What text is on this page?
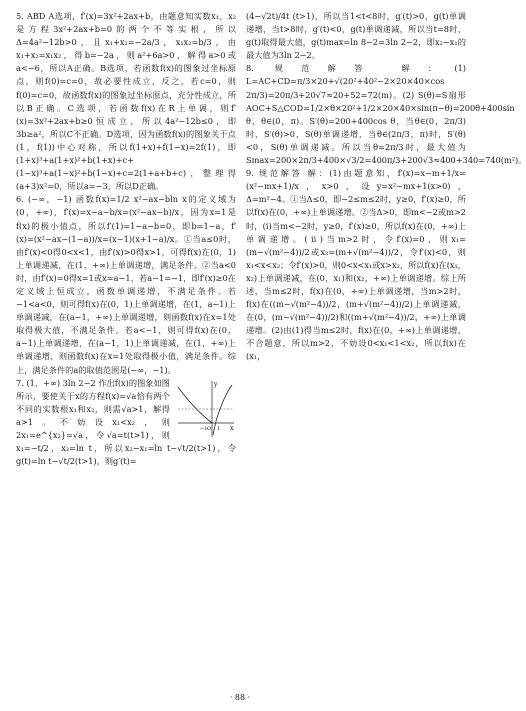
5. ABD A选项，f′(x)=3x²+2ax+b，由题意知实数x₁，x₂是方程3x²+2ax+b=0的两个不等实根，所以Δ=4a²−12b>0，且x₁+x₂=−2a/3，x₁x₂=b/3，由x₁+x₂=x₁x₂，得b=−2a，则a²+6a>0，解得a>0或a<−6，所以A正确。B选项，若函数f(x)的图象过坐标原点，则f(0)=c=0，故必要性成立，反之，若c=0，则f(0)=c=0，故函数f(x)的图象过坐标原点，充分性成立，所以B正确。C选项，若函数f(x)在R上单调，则f′(x)=3x²+2ax+b≥0恒成立，所以4a²−12b≤0，即3b≥a²，所以C不正确。D选项，因为函数f(x)的图象关于点(1，f(1))中心对称，所以f(1+x)+f(1−x)=2f(1)，即(1+x)³+a(1+x)²+b(1+x)+c+(1−x)³+a(1−x)²+b(1−x)+c=2(1+a+b+c)，整理得(a+3)x²=0，所以a=−3，所以D正确。

6. (−∞，−1) 函数f(x)=1/2 x²−ax−bln x的定义域为(0，+∞)，f′(x)=x−a−b/x=(x²−ax−b)/x，因为x=1是f(x)的极小值点，所以f′(1)=1−a−b=0，即b=1−a，f′(x)=(x²−ax−(1−a))/x=(x−1)(x+1−a)/x。①当a≤0时，由f′(x)<0得0<x<1，由f′(x)>0得x>1，可得f(x)在(0，1)上单调递减，在(1，+∞)上单调递增，满足条件。②当a<0时，由f′(x)=0得x=1或x=a−1，若a−1=−1，即f′(x)≥0在定义域上恒成立，函数单调递增，不满足条件。若−1<a<0，则可得f(x)在(0，1)上单调递增，在(1，a−1)上单调递减，在(a−1，+∞)上单调递增，则函数f(x)在x=1处取得极大值，不满足条件。若a<−1，则可得f(x)在(0，a−1)上单调递增，在(a−1，1)上单调递减，在(1，+∞)上单调递增，则函数f(x)在x=1处取得极小值，满足条件。综上，满足条件的a的取值范围是(−∞，−1)。

y
x
O 1
−1

7. (1，+∞) 3ln 2−2 作出f(x)的图象如图所示，要使关于x的方程f(x)=√a恰有两个不同的实数根x₁和x₂，则需√a>1，解得a>1。不妨设x₁<x₂，则2x₁=e^{x₂}=√a，令√a=t(t>1)，则x₁=−t/2，x₂=ln t，所以x₂−x₁=ln t−√t/2(t>1)，令g(t)=ln t−√t/2(t>1)，则g′(t)=

(4−√2t)/4t (t>1)，所以当1<t<8时，g′(t)>0，g(t)单调递增，当t>8时，g′(t)<0，g(t)单调递减，所以当t=8时，g(t)取得最大值，g(t)max=ln 8−2=3ln 2−2，即x₂−x₁的最大值为3ln 2−2。

8. 规范解答 解：(1) L=AC+CD=π/3×20+√(20²+40²−2×20×40×cos 2π/3)=20π/3+20√7≈20+52=72(m)。(2) S(θ)=S扇形AOC+S△COD=1/2×θ×20²+1/2×20×40×sin(π−θ)=200θ+400sin θ，θ∈(0，π)。S′(θ)=200+400cos θ，当θ∈(0，2π/3)时，S′(θ)>0，S(θ)单调递增，当θ∈(2π/3，π)时，S′(θ)<0，S(θ)单调递减。所以当θ=2π/3时，最大值为Smax=200×2π/3+400×√3/2=400π/3+200√3≈400+340=740(m²)。

9. 规范解答 解：(1)由题意知，f′(x)=x−m+1/x=(x²−mx+1)/x，x>0，设y=x²−mx+1(x>0)，Δ=m²−4。①当Δ≤0，即−2≤m≤2时，y≥0，f′(x)≥0，所以f(x)在(0，+∞)上单调递增。②当Δ>0，即m<−2或m>2时，(ⅰ)当m<−2时，y≥0，f′(x)≥0，所以f(x)在(0，+∞)上单调递增。(ⅱ)当m>2时，令f′(x)=0，则x₁=(m−√(m²−4))/2或x₂=(m+√(m²−4))/2，令f′(x)<0，则x₁<x<x₂；令f′(x)>0，则0<x<x₁或x>x₂，所以f(x)在(x₁，x₂)上单调递减，在(0，x₁)和(x₂，+∞)上单调递增。综上所述，当m≤2时，f(x)在(0，+∞)上单调递增，当m>2时，f(x)在((m−√(m²−4))/2，(m+√(m²−4))/2)上单调递减，在(0，(m−√(m²−4))/2)和((m+√(m²−4))/2，+∞)上单调递增。(2)由(1)得当m≤2时，f(x)在(0，+∞)上单调递增，不合题意，所以m>2，不妨设0<x₁<1<x₂，所以f(x)在(x₁，

· 88 ·
